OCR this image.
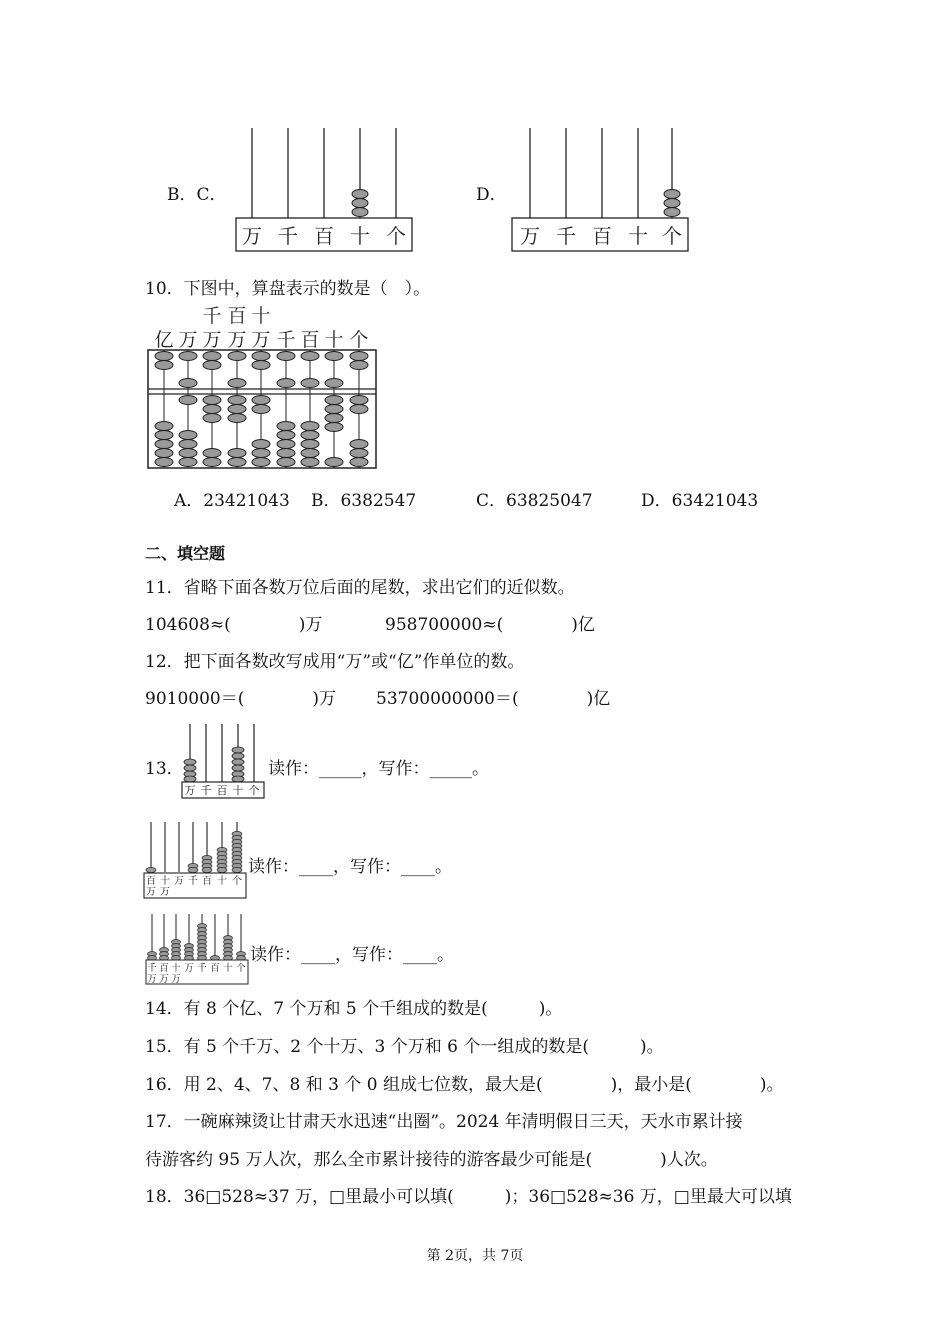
B．C．
万 千 百 十 个
D．
万 千 百 十 个
10．下图中，算盘表示的数是（　）。
千 百 十
亿 万 万 万 万 千 百 十 个
A．23421043 B．6382547	C．63825047	D．63421043
二、填空题
11．省略下面各数万位后面的尾数，求出它们的近似数。
104608≈(　　　　)万	958700000≈(　　　　)亿
12．把下面各数改写成用“万”或“亿”作单位的数。
9010000＝(　　　　)万 53700000000＝(　　　　)亿
13．
万 千 百 十 个
读作：_____，写作：_____。
百 十 万 千 百 十 个
万 万
读作：____，写作：____。
千 百 十 万 千 百 十 个
万 万 万
读作：____，写作：____。
14．有 8 个亿、7 个万和 5 个千组成的数是(　　　)。
15．有 5 个千万、2 个十万、3 个万和 6 个一组成的数是(　　　)。
16．用 2、4、7、8 和 3 个 0 组成七位数，最大是(　　　　)，最小是(　　　　)。
17．一碗麻辣烫让甘肃天水迅速“出圈”。2024 年清明假日三天，天水市累计接
待游客约 95 万人次，那么全市累计接待的游客最少可能是(　　　　)人次。
18．36□528≈37 万，□里最小可以填(　　　)；36□528≈36 万，□里最大可以填
第 2页，共 7页
